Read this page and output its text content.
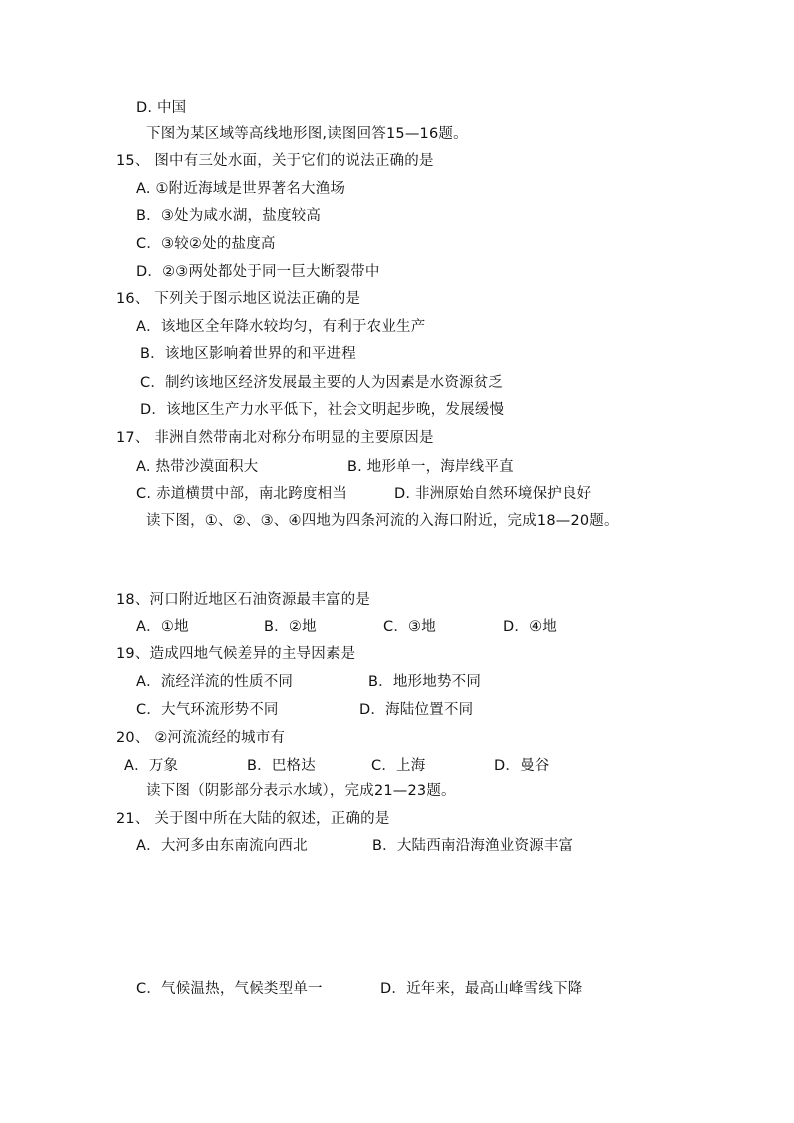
D. 中国
下图为某区域等高线地形图,读图回答15—16题。
15、 图中有三处水面，关于它们的说法正确的是
A. ①附近海域是世界著名大渔场
B．③处为咸水湖，盐度较高
C．③较②处的盐度高
D．②③两处都处于同一巨大断裂带中
16、 下列关于图示地区说法正确的是
A．该地区全年降水较均匀，有利于农业生产
B．该地区影响着世界的和平进程
C．制约该地区经济发展最主要的人为因素是水资源贫乏
D．该地区生产力水平低下，社会文明起步晚，发展缓慢
17、 非洲自然带南北对称分布明显的主要原因是
A. 热带沙漠面积大	B. 地形单一，海岸线平直
C. 赤道横贯中部，南北跨度相当	D. 非洲原始自然环境保护良好
读下图，①、②、③、④四地为四条河流的入海口附近，完成18—20题。
18、河口附近地区石油资源最丰富的是
A．①地	B．②地	C．③地	D．④地
19、造成四地气候差异的主导因素是
A．流经洋流的性质不同	B．地形地势不同
C．大气环流形势不同	D．海陆位置不同
20、 ②河流流经的城市有
A．万象	B．巴格达	C．上海	D．曼谷
读下图（阴影部分表示水域），完成21—23题。
21、 关于图中所在大陆的叙述，正确的是
A．大河多由东南流向西北	B．大陆西南沿海渔业资源丰富
C．气候温热，气候类型单一	D．近年来，最高山峰雪线下降
